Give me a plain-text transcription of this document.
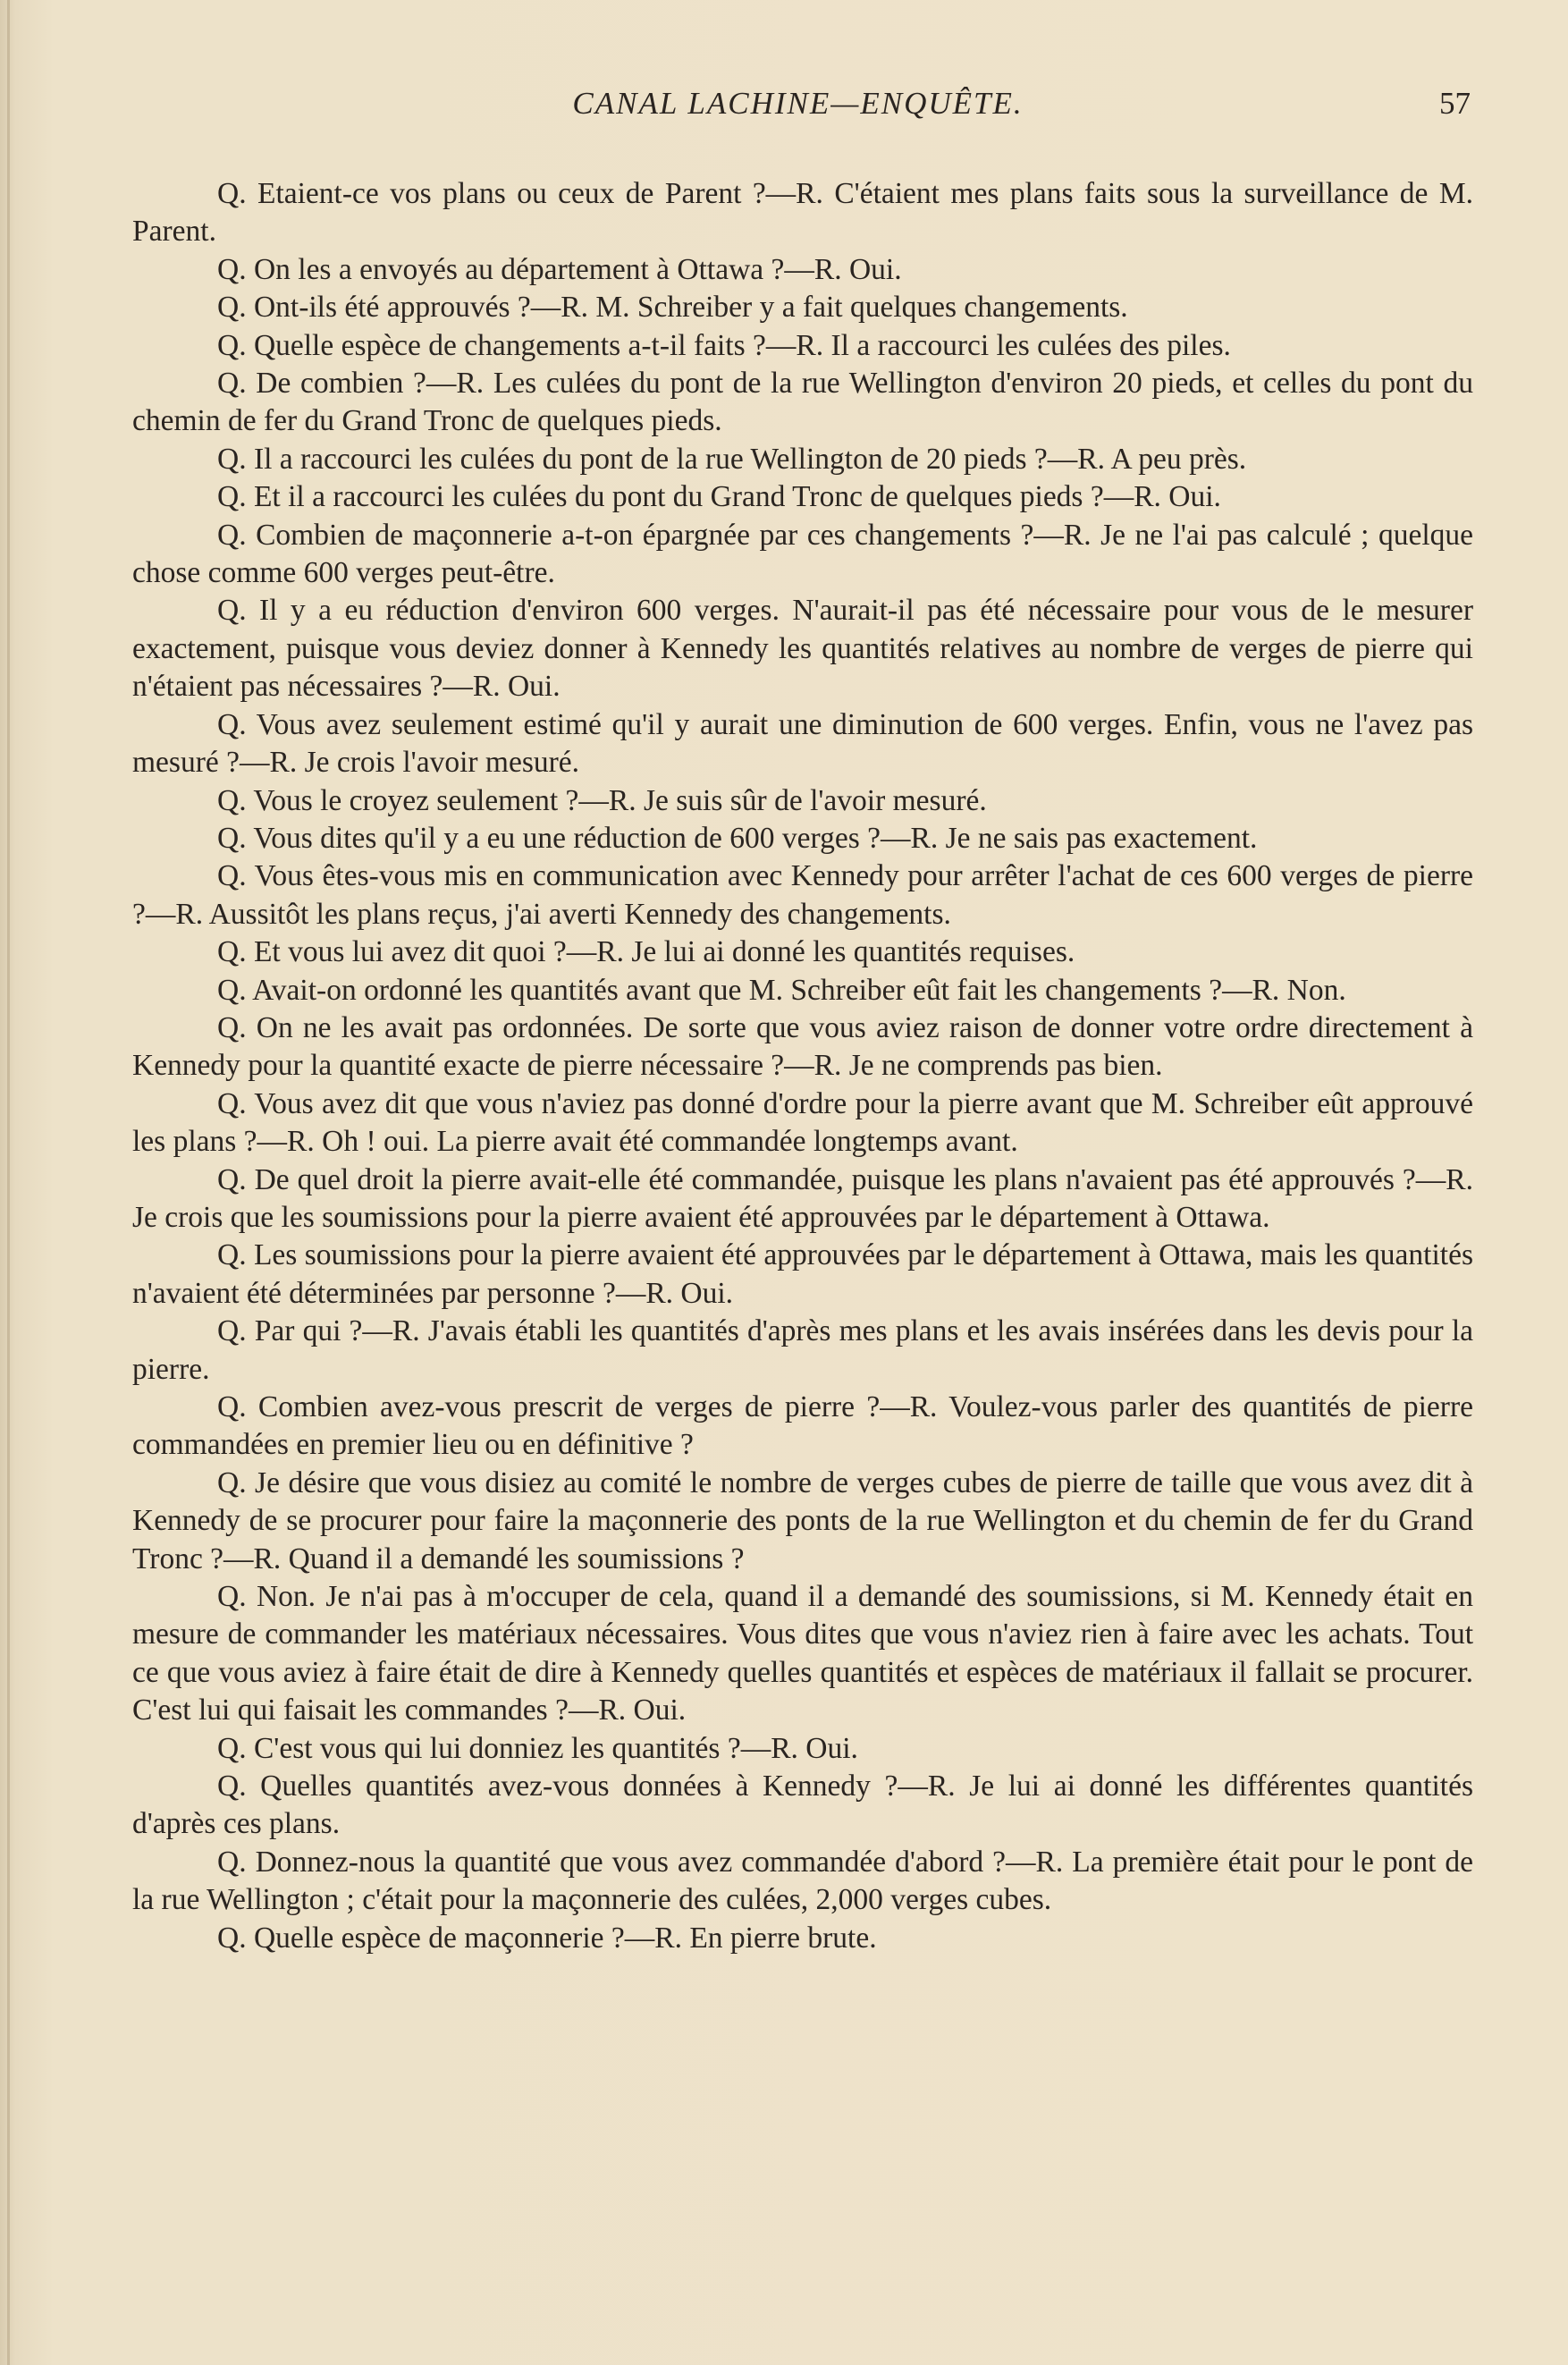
CANAL LACHINE—ENQUÊTE.	57

Q. Etaient-ce vos plans ou ceux de Parent ?—R. C'étaient mes plans faits sous la surveillance de M. Parent.

Q. On les a envoyés au département à Ottawa ?—R. Oui.

Q. Ont-ils été approuvés ?—R. M. Schreiber y a fait quelques changements.

Q. Quelle espèce de changements a-t-il faits ?—R. Il a raccourci les culées des piles.

Q. De combien ?—R. Les culées du pont de la rue Wellington d'environ 20 pieds, et celles du pont du chemin de fer du Grand Tronc de quelques pieds.

Q. Il a raccourci les culées du pont de la rue Wellington de 20 pieds ?—R. A peu près.

Q. Et il a raccourci les culées du pont du Grand Tronc de quelques pieds ?—R. Oui.

Q. Combien de maçonnerie a-t-on épargnée par ces changements ?—R. Je ne l'ai pas calculé ; quelque chose comme 600 verges peut-être.

Q. Il y a eu réduction d'environ 600 verges. N'aurait-il pas été nécessaire pour vous de le mesurer exactement, puisque vous deviez donner à Kennedy les quantités relatives au nombre de verges de pierre qui n'étaient pas nécessaires ?—R. Oui.

Q. Vous avez seulement estimé qu'il y aurait une diminution de 600 verges. Enfin, vous ne l'avez pas mesuré ?—R. Je crois l'avoir mesuré.

Q. Vous le croyez seulement ?—R. Je suis sûr de l'avoir mesuré.

Q. Vous dites qu'il y a eu une réduction de 600 verges ?—R. Je ne sais pas exactement.

Q. Vous êtes-vous mis en communication avec Kennedy pour arrêter l'achat de ces 600 verges de pierre ?—R. Aussitôt les plans reçus, j'ai averti Kennedy des changements.

Q. Et vous lui avez dit quoi ?—R. Je lui ai donné les quantités requises.

Q. Avait-on ordonné les quantités avant que M. Schreiber eût fait les changements ?—R. Non.

Q. On ne les avait pas ordonnées. De sorte que vous aviez raison de donner votre ordre directement à Kennedy pour la quantité exacte de pierre nécessaire ?—R. Je ne comprends pas bien.

Q. Vous avez dit que vous n'aviez pas donné d'ordre pour la pierre avant que M. Schreiber eût approuvé les plans ?—R. Oh ! oui. La pierre avait été commandée longtemps avant.

Q. De quel droit la pierre avait-elle été commandée, puisque les plans n'avaient pas été approuvés ?—R. Je crois que les soumissions pour la pierre avaient été approuvées par le département à Ottawa.

Q. Les soumissions pour la pierre avaient été approuvées par le département à Ottawa, mais les quantités n'avaient été déterminées par personne ?—R. Oui.

Q. Par qui ?—R. J'avais établi les quantités d'après mes plans et les avais insérées dans les devis pour la pierre.

Q. Combien avez-vous prescrit de verges de pierre ?—R. Voulez-vous parler des quantités de pierre commandées en premier lieu ou en définitive ?

Q. Je désire que vous disiez au comité le nombre de verges cubes de pierre de taille que vous avez dit à Kennedy de se procurer pour faire la maçonnerie des ponts de la rue Wellington et du chemin de fer du Grand Tronc ?—R. Quand il a demandé les soumissions ?

Q. Non. Je n'ai pas à m'occuper de cela, quand il a demandé des soumissions, si M. Kennedy était en mesure de commander les matériaux nécessaires. Vous dites que vous n'aviez rien à faire avec les achats. Tout ce que vous aviez à faire était de dire à Kennedy quelles quantités et espèces de matériaux il fallait se procurer. C'est lui qui faisait les commandes ?—R. Oui.

Q. C'est vous qui lui donniez les quantités ?—R. Oui.

Q. Quelles quantités avez-vous données à Kennedy ?—R. Je lui ai donné les différentes quantités d'après ces plans.

Q. Donnez-nous la quantité que vous avez commandée d'abord ?—R. La première était pour le pont de la rue Wellington ; c'était pour la maçonnerie des culées, 2,000 verges cubes.

Q. Quelle espèce de maçonnerie ?—R. En pierre brute.
